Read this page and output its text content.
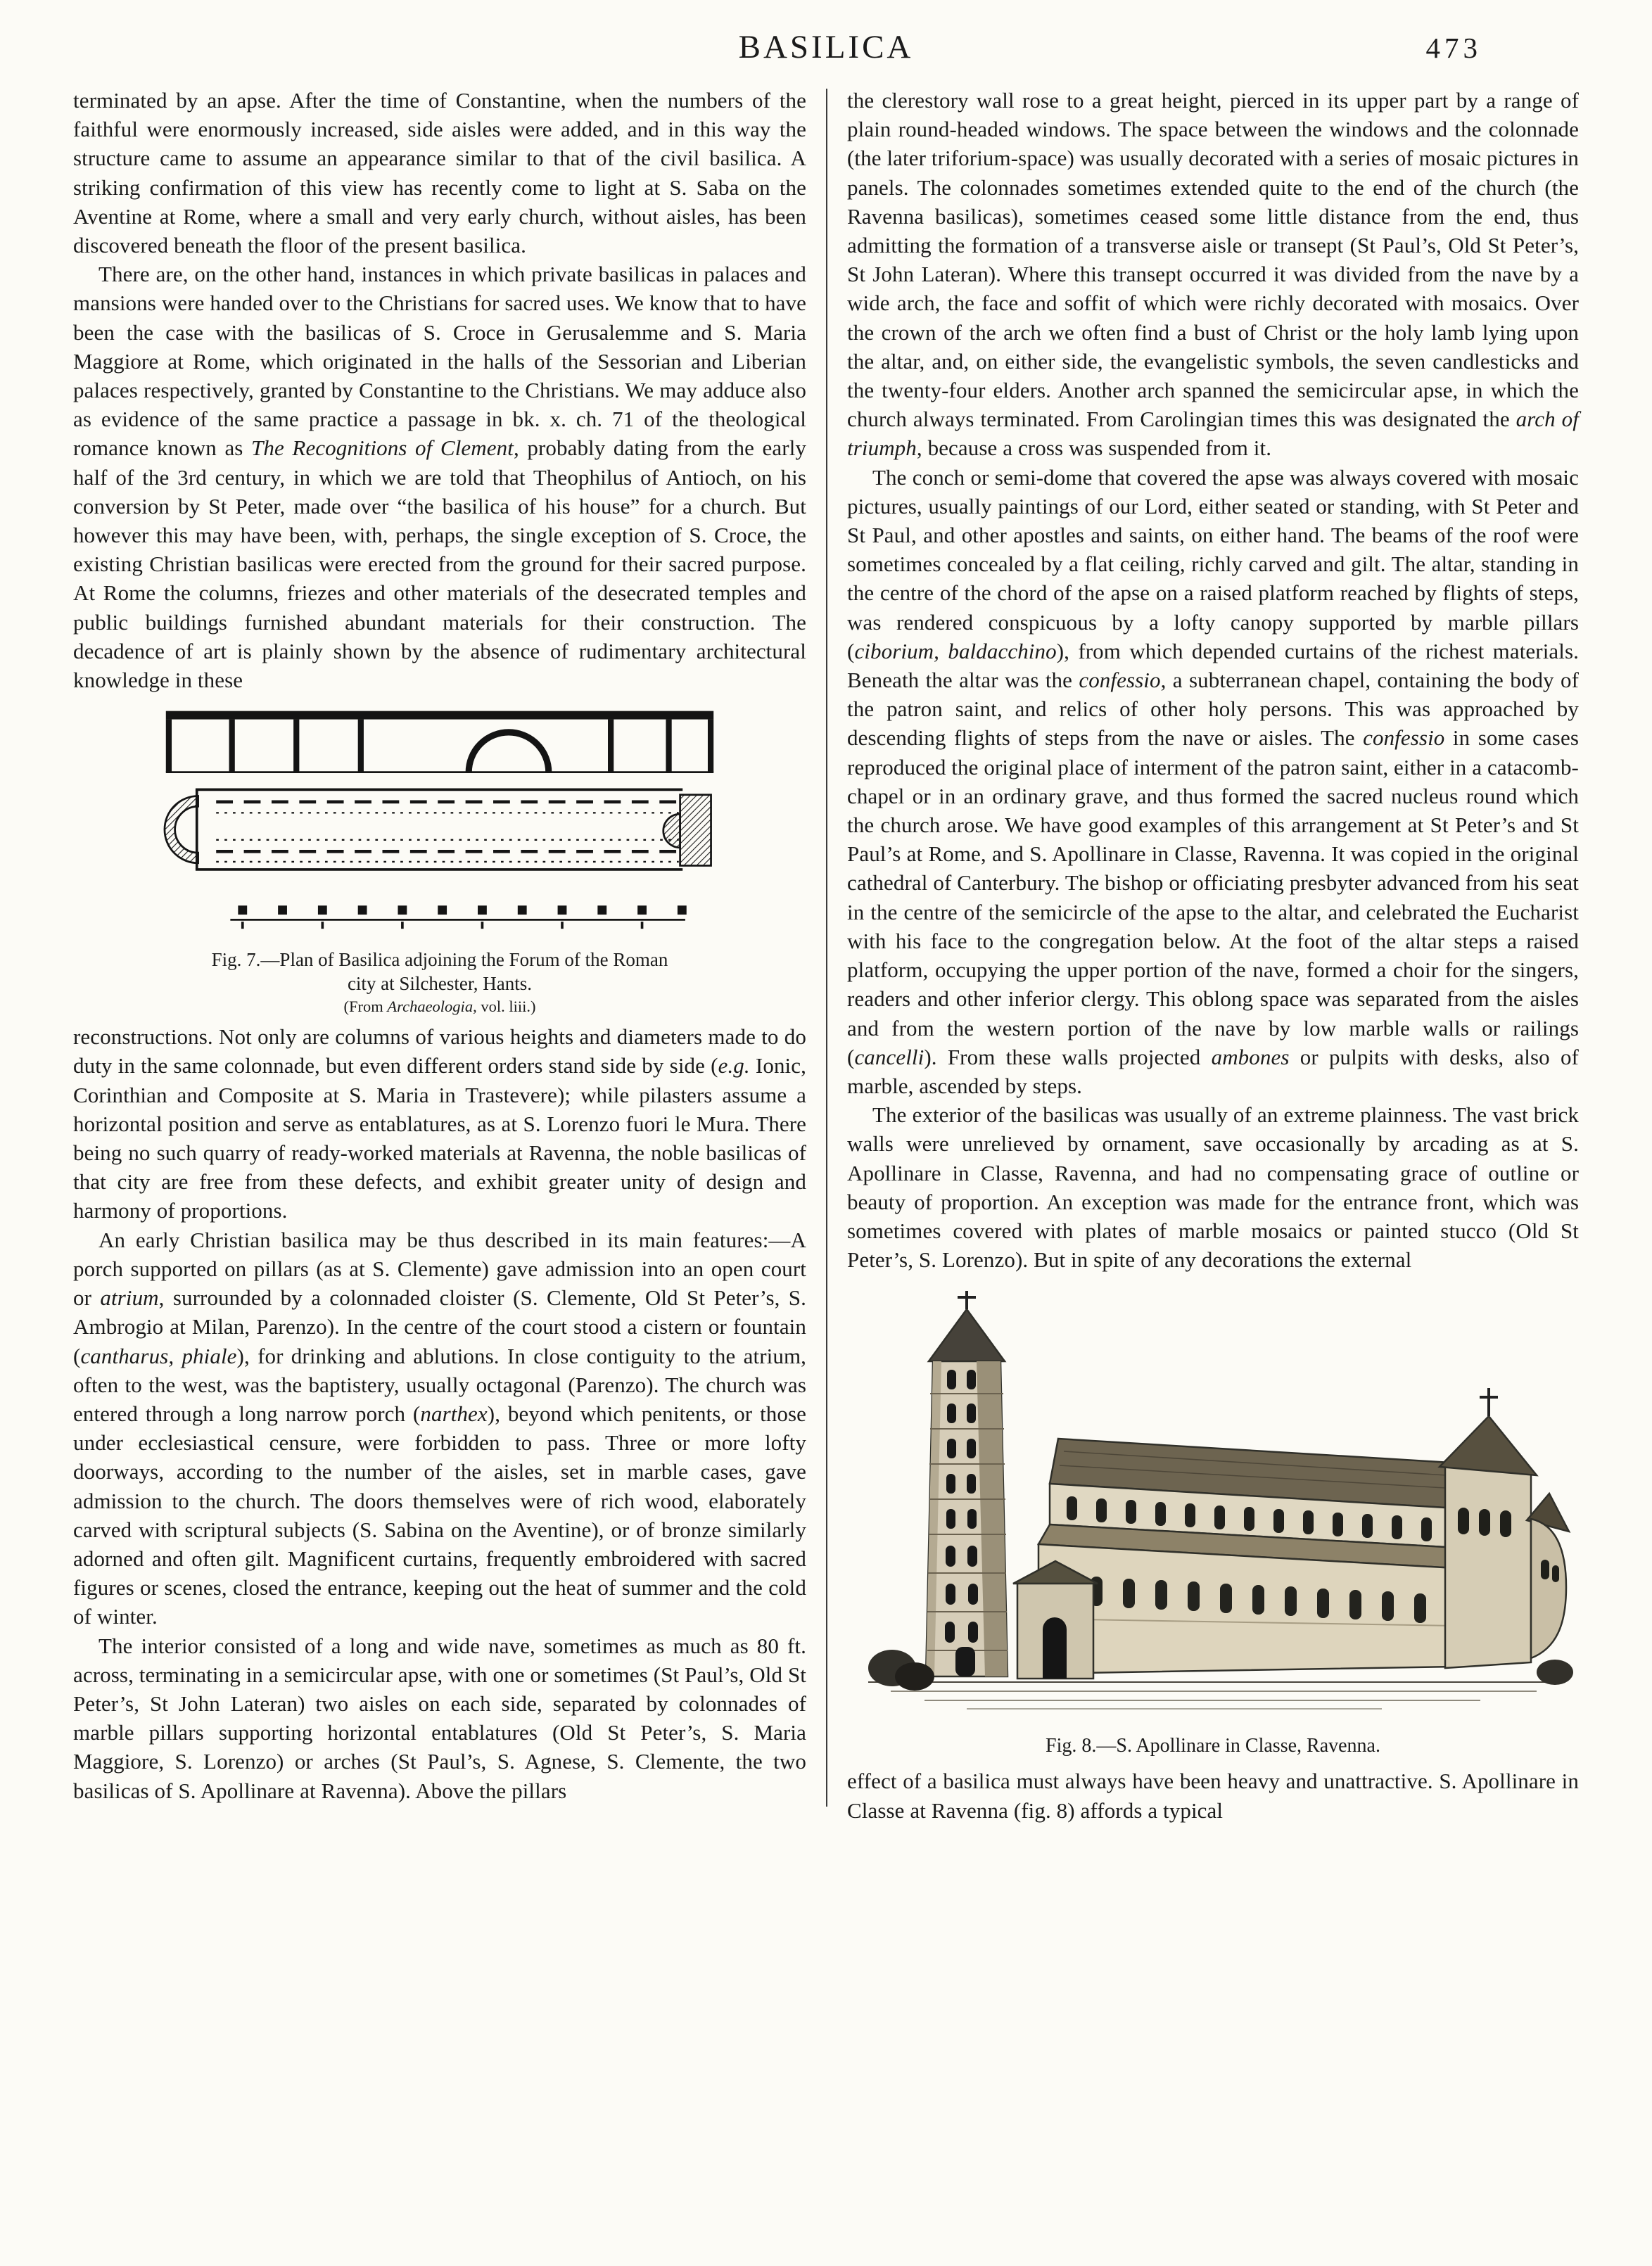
BASILICA	473

terminated by an apse. After the time of Constantine, when the numbers of the faithful were enormously increased, side aisles were added, and in this way the structure came to assume an appearance similar to that of the civil basilica. A striking confirmation of this view has recently come to light at S. Saba on the Aventine at Rome, where a small and very early church, without aisles, has been discovered beneath the floor of the present basilica.

There are, on the other hand, instances in which private basilicas in palaces and mansions were handed over to the Christians for sacred uses. We know that to have been the case with the basilicas of S. Croce in Gerusalemme and S. Maria Maggiore at Rome, which originated in the halls of the Sessorian and Liberian palaces respectively, granted by Constantine to the Christians. We may adduce also as evidence of the same practice a passage in bk. x. ch. 71 of the theological romance known as The Recognitions of Clement, probably dating from the early half of the 3rd century, in which we are told that Theophilus of Antioch, on his conversion by St Peter, made over “the basilica of his house” for a church. But however this may have been, with, perhaps, the single exception of S. Croce, the existing Christian basilicas were erected from the ground for their sacred purpose. At Rome the columns, friezes and other materials of the desecrated temples and public buildings furnished abundant materials for their construction. The decadence of art is plainly shown by the absence of rudimentary architectural knowledge in these

Fig. 7.—Plan of Basilica adjoining the Forum of the Roman city at Silchester, Hants.
(From Archaeologia, vol. liii.)

reconstructions. Not only are columns of various heights and diameters made to do duty in the same colonnade, but even different orders stand side by side (e.g. Ionic, Corinthian and Composite at S. Maria in Trastevere); while pilasters assume a horizontal position and serve as entablatures, as at S. Lorenzo fuori le Mura. There being no such quarry of ready-worked materials at Ravenna, the noble basilicas of that city are free from these defects, and exhibit greater unity of design and harmony of proportions.

An early Christian basilica may be thus described in its main features:—A porch supported on pillars (as at S. Clemente) gave admission into an open court or atrium, surrounded by a colonnaded cloister (S. Clemente, Old St Peter’s, S. Ambrogio at Milan, Parenzo). In the centre of the court stood a cistern or fountain (cantharus, phiale), for drinking and ablutions. In close contiguity to the atrium, often to the west, was the baptistery, usually octagonal (Parenzo). The church was entered through a long narrow porch (narthex), beyond which penitents, or those under ecclesiastical censure, were forbidden to pass. Three or more lofty doorways, according to the number of the aisles, set in marble cases, gave admission to the church. The doors themselves were of rich wood, elaborately carved with scriptural subjects (S. Sabina on the Aventine), or of bronze similarly adorned and often gilt. Magnificent curtains, frequently embroidered with sacred figures or scenes, closed the entrance, keeping out the heat of summer and the cold of winter.

The interior consisted of a long and wide nave, sometimes as much as 80 ft. across, terminating in a semicircular apse, with one or sometimes (St Paul’s, Old St Peter’s, St John Lateran) two aisles on each side, separated by colonnades of marble pillars supporting horizontal entablatures (Old St Peter’s, S. Maria Maggiore, S. Lorenzo) or arches (St Paul’s, S. Agnese, S. Clemente, the two basilicas of S. Apollinare at Ravenna). Above the pillars

the clerestory wall rose to a great height, pierced in its upper part by a range of plain round-headed windows. The space between the windows and the colonnade (the later triforium-space) was usually decorated with a series of mosaic pictures in panels. The colonnades sometimes extended quite to the end of the church (the Ravenna basilicas), sometimes ceased some little distance from the end, thus admitting the formation of a transverse aisle or transept (St Paul’s, Old St Peter’s, St John Lateran). Where this transept occurred it was divided from the nave by a wide arch, the face and soffit of which were richly decorated with mosaics. Over the crown of the arch we often find a bust of Christ or the holy lamb lying upon the altar, and, on either side, the evangelistic symbols, the seven candlesticks and the twenty-four elders. Another arch spanned the semicircular apse, in which the church always terminated. From Carolingian times this was designated the arch of triumph, because a cross was suspended from it.

The conch or semi-dome that covered the apse was always covered with mosaic pictures, usually paintings of our Lord, either seated or standing, with St Peter and St Paul, and other apostles and saints, on either hand. The beams of the roof were sometimes concealed by a flat ceiling, richly carved and gilt. The altar, standing in the centre of the chord of the apse on a raised platform reached by flights of steps, was rendered conspicuous by a lofty canopy supported by marble pillars (ciborium, baldacchino), from which depended curtains of the richest materials. Beneath the altar was the confessio, a subterranean chapel, containing the body of the patron saint, and relics of other holy persons. This was approached by descending flights of steps from the nave or aisles. The confessio in some cases reproduced the original place of interment of the patron saint, either in a catacomb-chapel or in an ordinary grave, and thus formed the sacred nucleus round which the church arose. We have good examples of this arrangement at St Peter’s and St Paul’s at Rome, and S. Apollinare in Classe, Ravenna. It was copied in the original cathedral of Canterbury. The bishop or officiating presbyter advanced from his seat in the centre of the semicircle of the apse to the altar, and celebrated the Eucharist with his face to the congregation below. At the foot of the altar steps a raised platform, occupying the upper portion of the nave, formed a choir for the singers, readers and other inferior clergy. This oblong space was separated from the aisles and from the western portion of the nave by low marble walls or railings (cancelli). From these walls projected ambones or pulpits with desks, also of marble, ascended by steps.

The exterior of the basilicas was usually of an extreme plainness. The vast brick walls were unrelieved by ornament, save occasionally by arcading as at S. Apollinare in Classe, Ravenna, and had no compensating grace of outline or beauty of proportion. An exception was made for the entrance front, which was sometimes covered with plates of marble mosaics or painted stucco (Old St Peter’s, S. Lorenzo). But in spite of any decorations the external

Fig. 8.—S. Apollinare in Classe, Ravenna.

effect of a basilica must always have been heavy and unattractive. S. Apollinare in Classe at Ravenna (fig. 8) affords a typical
